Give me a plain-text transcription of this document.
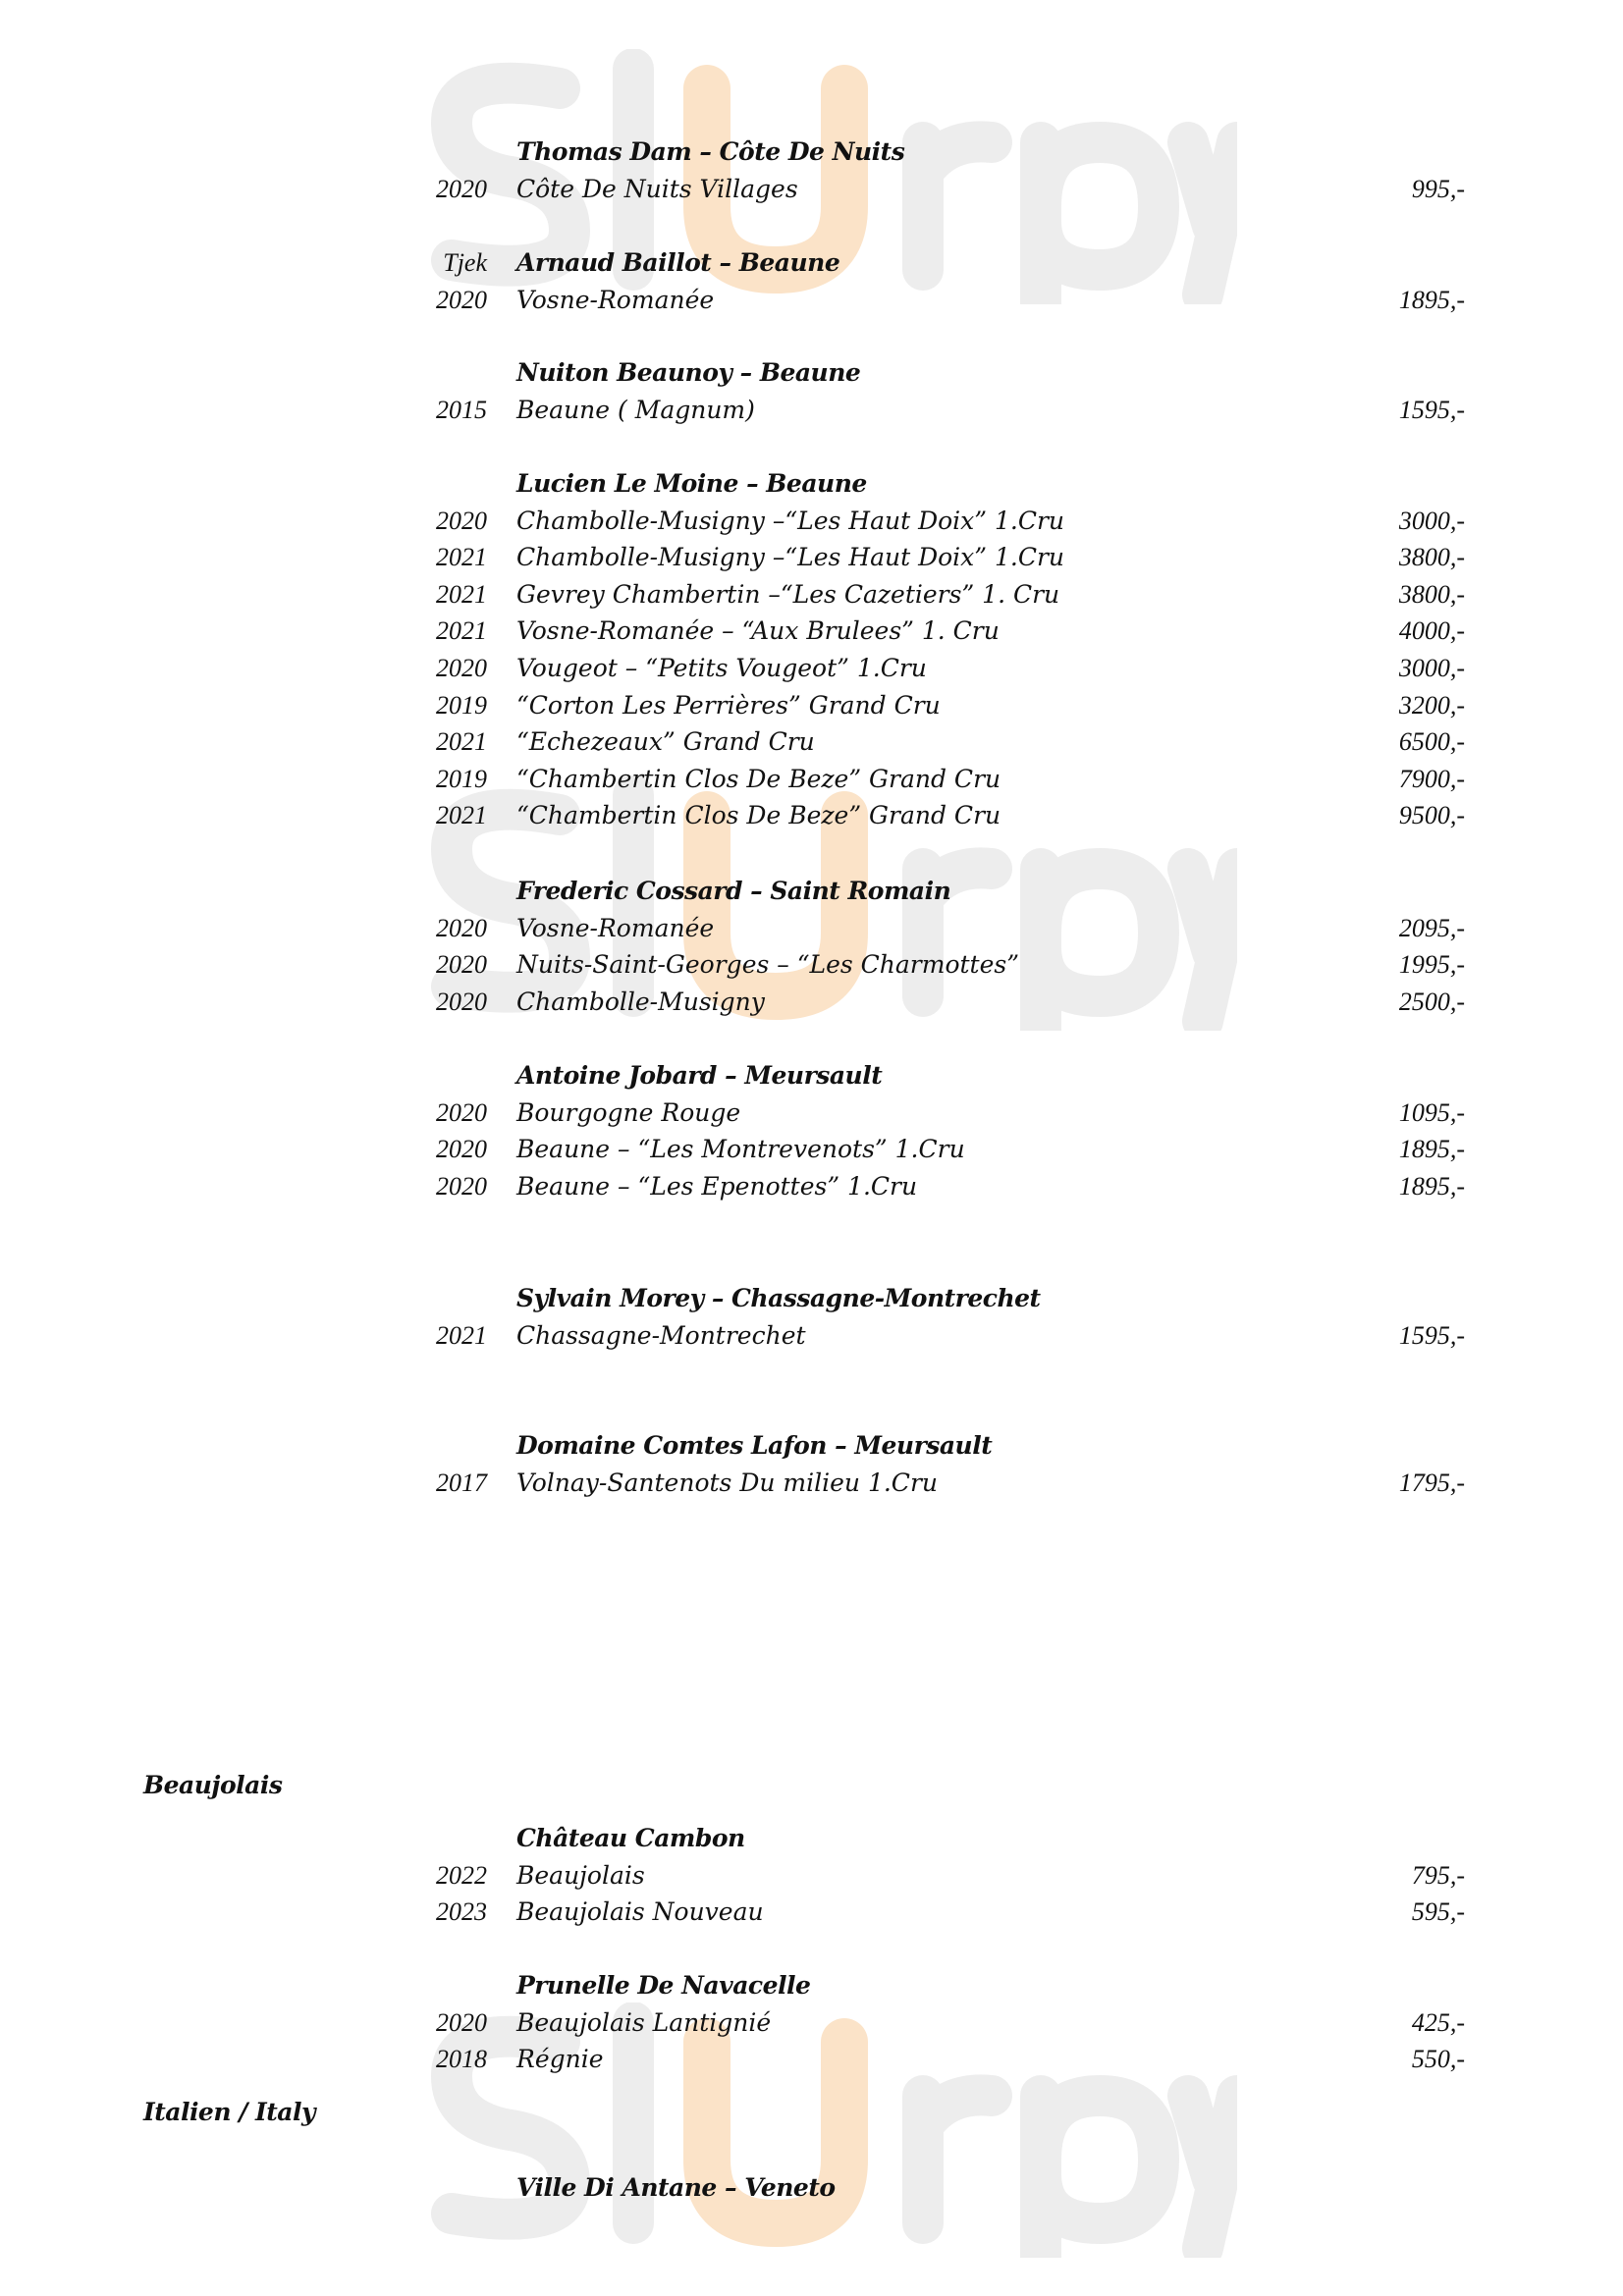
Thomas Dam – Côte De Nuits
2020 Côte De Nuits Villages	995,-
Tjek Arnaud Baillot – Beaune
2020 Vosne-Romanée	1895,-
Nuiton Beaunoy – Beaune
2015 Beaune ( Magnum)	1595,-
Lucien Le Moine – Beaune
2020 Chambolle-Musigny –“Les Haut Doix” 1.Cru	3000,-
2021 Chambolle-Musigny –“Les Haut Doix” 1.Cru	3800,-
2021 Gevrey Chambertin –“Les Cazetiers” 1. Cru	3800,-
2021 Vosne-Romanée – “Aux Brulees” 1. Cru	4000,-
2020 Vougeot – “Petits Vougeot” 1.Cru	3000,-
2019 “Corton Les Perrières” Grand Cru	3200,-
2021 “Echezeaux” Grand Cru	6500,-
2019 “Chambertin Clos De Beze” Grand Cru	7900,-
2021 “Chambertin Clos De Beze” Grand Cru	9500,-
Frederic Cossard – Saint Romain
2020 Vosne-Romanée	2095,-
2020 Nuits-Saint-Georges – “Les Charmottes”	1995,-
2020 Chambolle-Musigny	2500,-
Antoine Jobard – Meursault
2020 Bourgogne Rouge	1095,-
2020 Beaune – “Les Montrevenots” 1.Cru	1895,-
2020 Beaune – “Les Epenottes” 1.Cru	1895,-
Sylvain Morey – Chassagne-Montrechet
2021 Chassagne-Montrechet	1595,-
Domaine Comtes Lafon – Meursault
2017 Volnay-Santenots Du milieu 1.Cru	1795,-
Beaujolais
Château Cambon
2022 Beaujolais	795,-
2023 Beaujolais Nouveau	595,-
Prunelle De Navacelle
2020 Beaujolais Lantignié	425,-
2018 Régnie	550,-
Italien / Italy
Ville Di Antane – Veneto
